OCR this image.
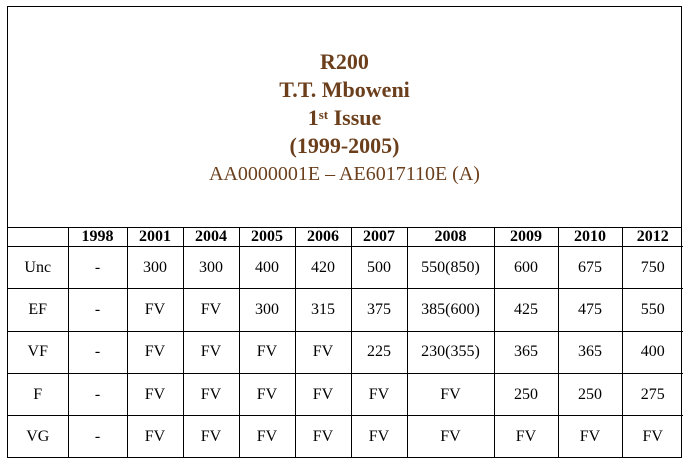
R200
T.T. Mboweni
1st Issue
(1999-2005)
AA0000001E – AE6017110E (A)
	1998	2001	2004	2005	2006	2007	2008	2009	2010	2012
Unc	-	300	300	400	420	500	550(850)	600	675	750
EF	-	FV	FV	300	315	375	385(600)	425	475	550
VF	-	FV	FV	FV	FV	225	230(355)	365	365	400
F	-	FV	FV	FV	FV	FV	FV	250	250	275
VG	-	FV	FV	FV	FV	FV	FV	FV	FV	FV
